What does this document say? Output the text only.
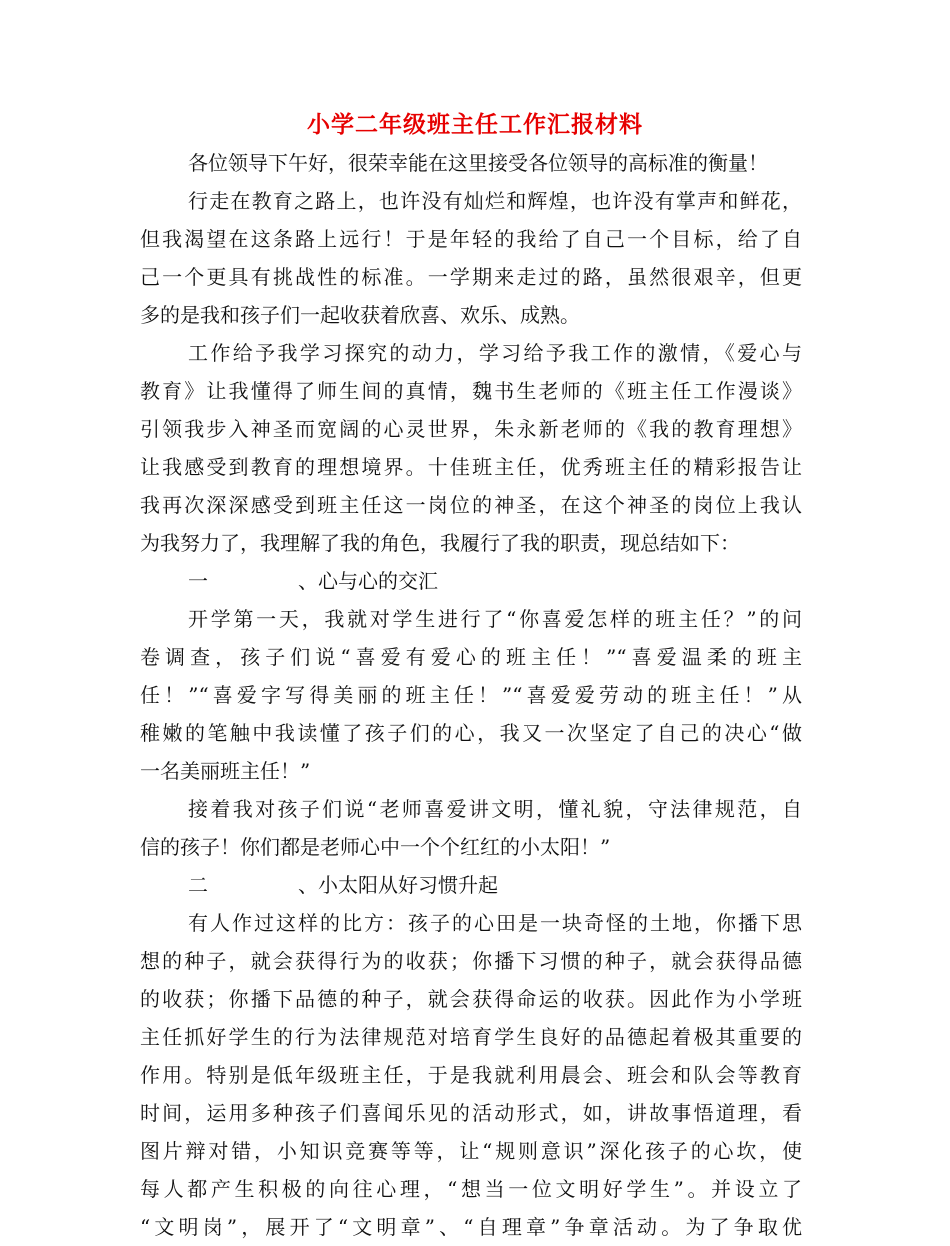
小学二年级班主任工作汇报材料
各位领导下午好，很荣幸能在这里接受各位领导的高标准的衡量！
行走在教育之路上，也许没有灿烂和辉煌，也许没有掌声和鲜花，
但我渴望在这条路上远行！于是年轻的我给了自己一个目标，给了自
己一个更具有挑战性的标准。一学期来走过的路，虽然很艰辛，但更
多的是我和孩子们一起收获着欣喜、欢乐、成熟。
工作给予我学习探究的动力，学习给予我工作的激情，《爱心与
教育》让我懂得了师生间的真情，魏书生老师的《班主任工作漫谈》
引领我步入神圣而宽阔的心灵世界，朱永新老师的《我的教育理想》
让我感受到教育的理想境界。十佳班主任，优秀班主任的精彩报告让
我再次深深感受到班主任这一岗位的神圣，在这个神圣的岗位上我认
为我努力了，我理解了我的角色，我履行了我的职责，现总结如下：
一、 心与心的交汇
开学第一天，我就对学生进行了“你喜爱怎样的班主任？”的问
卷调查，孩子们说“喜爱有爱心的班主任！”“喜爱温柔的班主
任！”“喜爱字写得美丽的班主任！”“喜爱爱劳动的班主任！”从
稚嫩的笔触中我读懂了孩子们的心，我又一次坚定了自己的决心“做
一名美丽班主任！”
接着我对孩子们说“老师喜爱讲文明，懂礼貌，守法律规范，自
信的孩子！你们都是老师心中一个个红红的小太阳！”
二、 小太阳从好习惯升起
有人作过这样的比方：孩子的心田是一块奇怪的土地，你播下思
想的种子，就会获得行为的收获；你播下习惯的种子，就会获得品德
的收获；你播下品德的种子，就会获得命运的收获。因此作为小学班
主任抓好学生的行为法律规范对培育学生良好的品德起着极其重要的
作用。特别是低年级班主任，于是我就利用晨会、班会和队会等教育
时间，运用多种孩子们喜闻乐见的活动形式，如，讲故事悟道理，看
图片辩对错，小知识竞赛等等，让“规则意识”深化孩子的心坎，使
每人都产生积极的向往心理，“想当一位文明好学生”。并设立了
“文明岗”，展开了“文明章”、“自理章”争章活动。为了争取优
